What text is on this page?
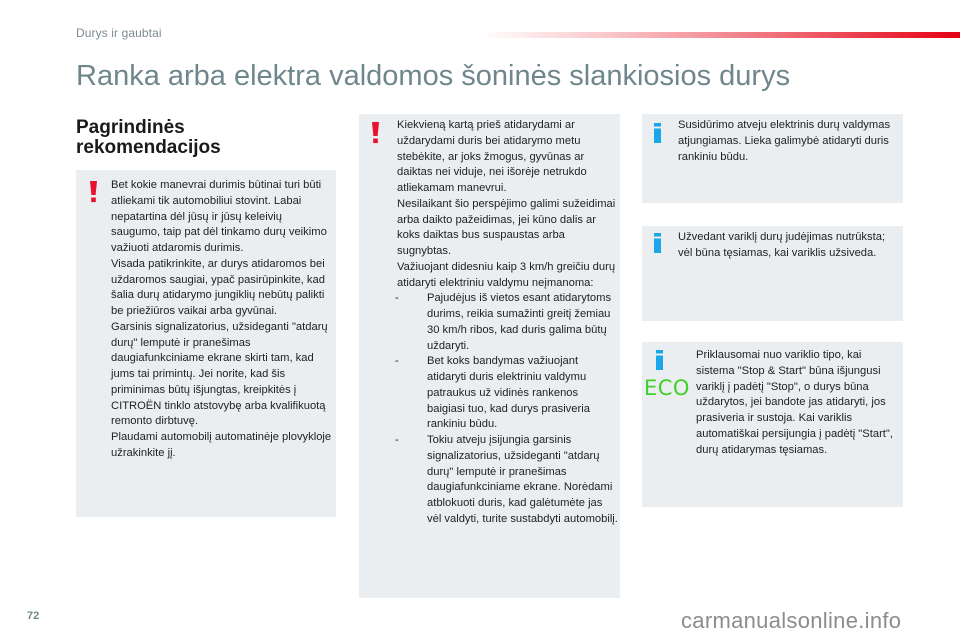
Durys ir gaubtai
Ranka arba elektra valdomos šoninės slankiosios durys
Pagrindinės
rekomendacijos

Bet kokie manevrai durimis būtinai turi būti atliekami tik automobiliui stovint. Labai nepatartina dėl jūsų ir jūsų keleivių saugumo, taip pat dėl tinkamo durų veikimo važiuoti atdaromis durimis.

Visada patikrinkite, ar durys atidaromos bei uždaromos saugiai, ypač pasirūpinkite, kad šalia durų atidarymo jungiklių nebūtų palikti be priežiūros vaikai arba gyvūnai.

Garsinis signalizatorius, užsideganti "atdarų durų" lemputė ir pranešimas daugiafunkciniame ekrane skirti tam, kad jums tai primintų. Jei norite, kad šis priminimas būtų išjungtas, kreipkitės į CITROËN tinklo atstovybę arba kvalifikuotą remonto dirbtuvę.

Plaudami automobilį automatinėje plovykloje užrakinkite jį.

Kiekvieną kartą prieš atidarydami ar uždarydami duris bei atidarymo metu stebėkite, ar joks žmogus, gyvūnas ar daiktas nei viduje, nei išorėje netrukdo atliekamam manevrui.

Nesilaikant šio perspėjimo galimi sužeidimai arba daikto pažeidimas, jei kūno dalis ar koks daiktas bus suspaustas arba sugnybtas.

Važiuojant didesniu kaip 3 km/h greičiu durų atidaryti elektriniu valdymu neįmanoma:

-	Pajudėjus iš vietos esant atidarytoms durims, reikia sumažinti greitį žemiau 30 km/h ribos, kad duris galima būtų uždaryti.
-	Bet koks bandymas važiuojant atidaryti duris elektriniu valdymu patraukus už vidinės rankenos baigiasi tuo, kad durys prasiveria rankiniu būdu.
-	Tokiu atveju įsijungia garsinis signalizatorius, užsideganti "atdarų durų" lemputė ir pranešimas daugiafunkciniame ekrane. Norėdami atblokuoti duris, kad galėtumėte jas vėl valdyti, turite sustabdyti automobilį.
Susidūrimo atveju elektrinis durų valdymas atjungiamas. Lieka galimybė atidaryti duris rankiniu būdu.
Užvedant variklį durų judėjimas nutrūksta; vėl būna tęsiamas, kai variklis užsiveda.
ECO
Priklausomai nuo variklio tipo, kai sistema "Stop & Start" būna išjungusi variklį į padėtį "Stop", o durys būna uždarytos, jei bandote jas atidaryti, jos prasiveria ir sustoja. Kai variklis automatiškai persijungia į padėtį "Start", durų atidarymas tęsiamas.
72	carmanualsonline.info
